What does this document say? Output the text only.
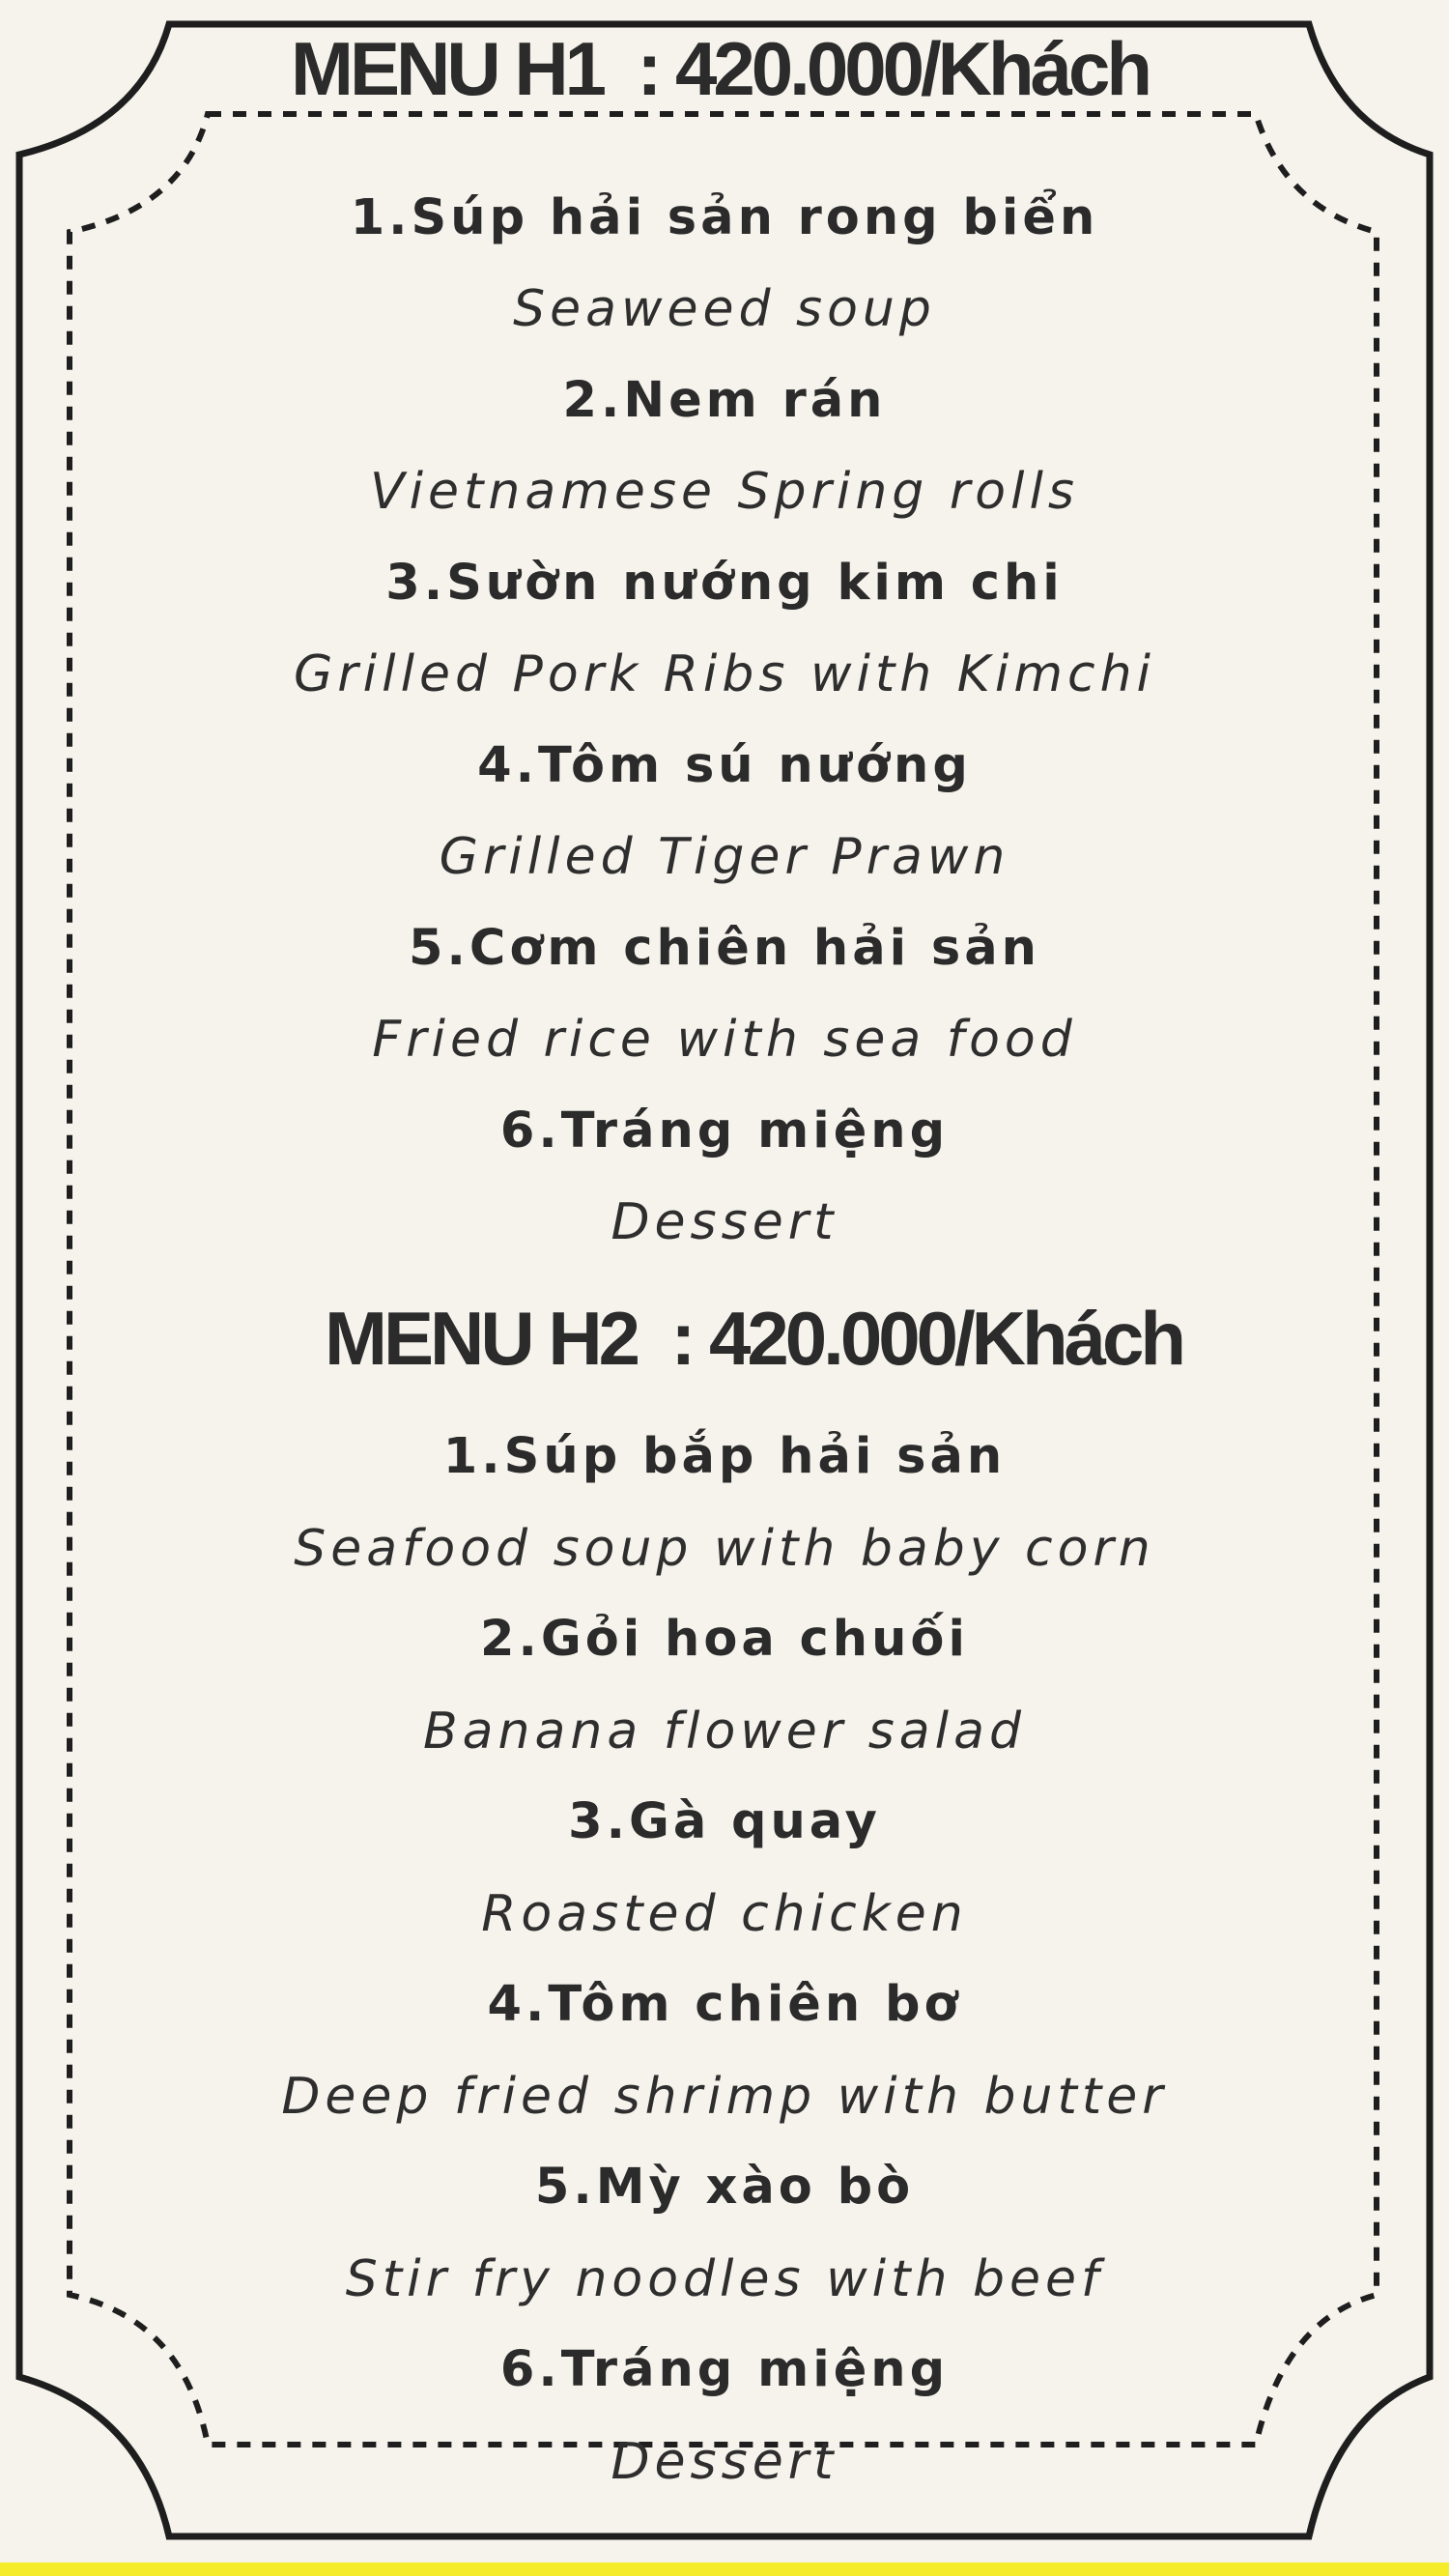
MENU H1  : 420.000/Khách
1.Súp hải sản rong biển
Seaweed soup
2.Nem rán
Vietnamese Spring rolls
3.Sườn nướng kim chi
Grilled Pork Ribs with Kimchi
4.Tôm sú nướng
Grilled Tiger Prawn
5.Cơm chiên hải sản
Fried rice with sea food
6.Tráng miệng
Dessert
MENU H2  : 420.000/Khách
1.Súp bắp hải sản
Seafood soup with baby corn
2.Gỏi hoa chuối
Banana flower salad
3.Gà quay
Roasted chicken
4.Tôm chiên bơ
Deep fried shrimp with butter
5.Mỳ xào bò
Stir fry noodles with beef
6.Tráng miệng
Dessert
